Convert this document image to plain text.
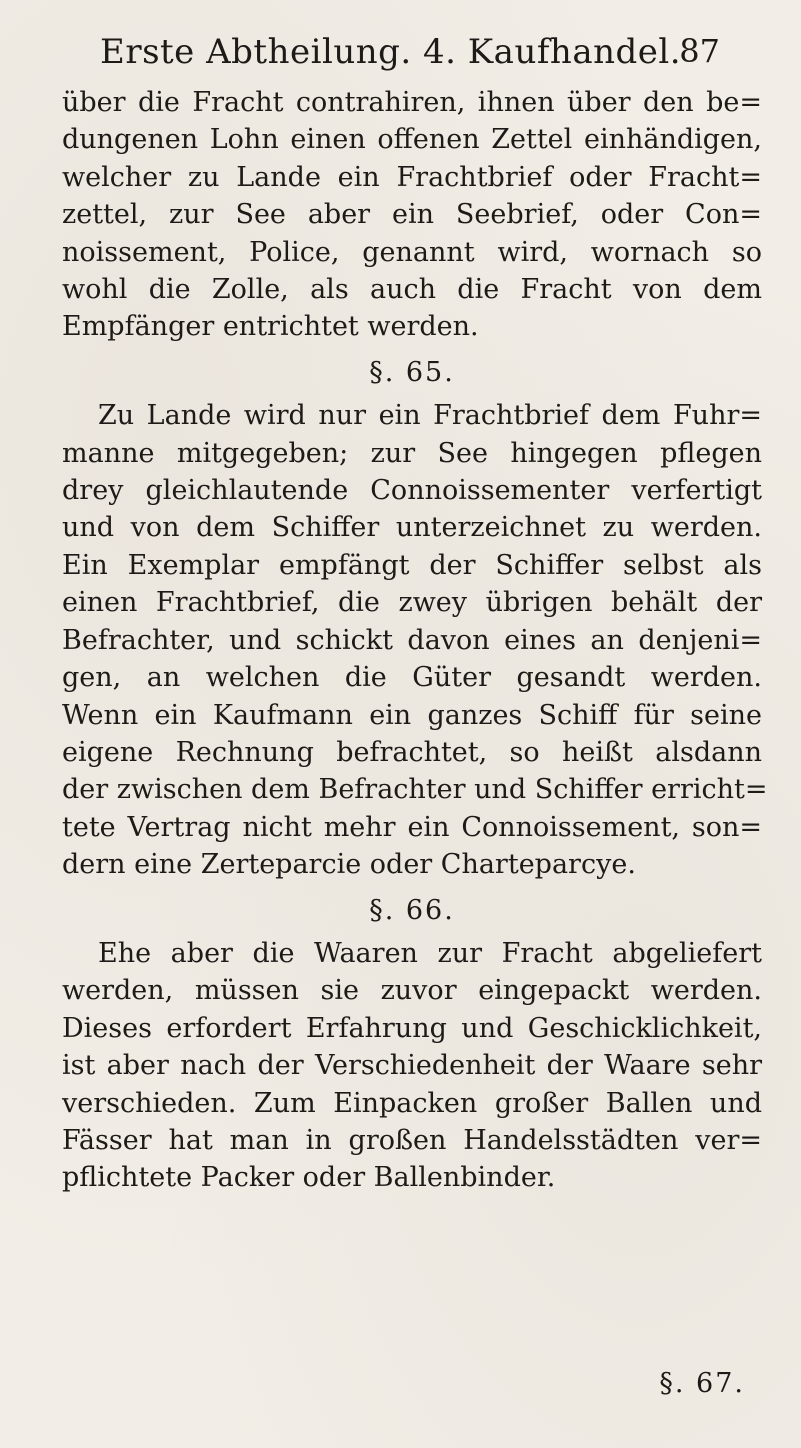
Erste Abtheilung. 4. Kaufhandel.
87
über die Fracht contrahiren, ihnen über den be=
dungenen Lohn einen offenen Zettel einhändigen,
welcher zu Lande ein Frachtbrief oder Fracht=
zettel, zur See aber ein Seebrief, oder Con=
noissement, Police, genannt wird, wornach so
wohl die Zolle, als auch die Fracht von dem
Empfänger entrichtet werden.
§. 65.
Zu Lande wird nur ein Frachtbrief dem Fuhr=
manne mitgegeben; zur See hingegen pflegen
drey gleichlautende Connoissementer verfertigt
und von dem Schiffer unterzeichnet zu werden.
Ein Exemplar empfängt der Schiffer selbst als
einen Frachtbrief, die zwey übrigen behält der
Befrachter, und schickt davon eines an denjeni=
gen, an welchen die Güter gesandt werden.
Wenn ein Kaufmann ein ganzes Schiff für seine
eigene Rechnung befrachtet, so heißt alsdann
der zwischen dem Befrachter und Schiffer erricht=
tete Vertrag nicht mehr ein Connoissement, son=
dern eine Zerteparcie oder Charteparcye.
§. 66.
Ehe aber die Waaren zur Fracht abgeliefert
werden, müssen sie zuvor eingepackt werden.
Dieses erfordert Erfahrung und Geschicklichkeit,
ist aber nach der Verschiedenheit der Waare sehr
verschieden. Zum Einpacken großer Ballen und
Fässer hat man in großen Handelsstädten ver=
pflichtete Packer oder Ballenbinder.
§. 67.
